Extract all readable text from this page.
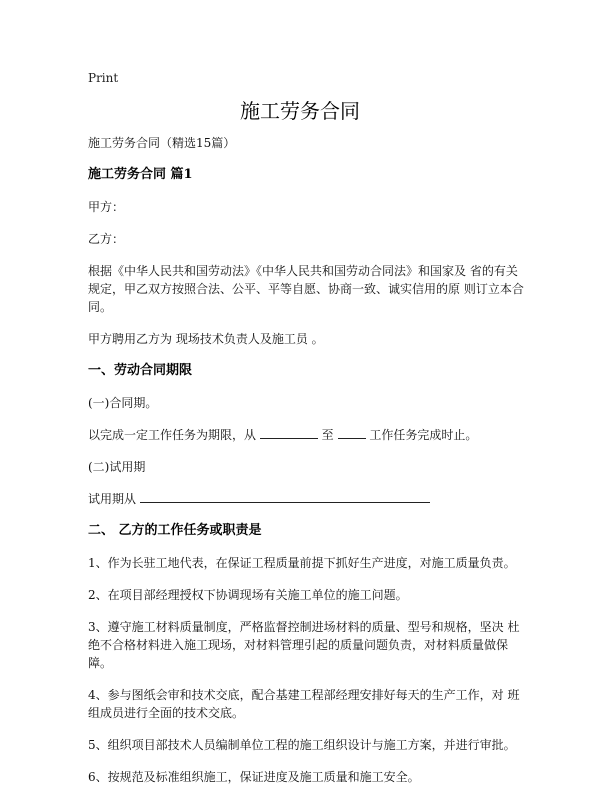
Print
施工劳务合同

施工劳务合同（精选15篇）

施工劳务合同 篇1

甲方：

乙方：

根据《中华人民共和国劳动法》《中华人民共和国劳动合同法》和国家及 省的有关规定，甲乙双方按照合法、公平、平等自愿、协商一致、诚实信用的原 则订立本合同。

甲方聘用乙方为 现场技术负责人及施工员 。

一、劳动合同期限

(一)合同期。

以完成一定工作任务为期限，从	至	工作任务完成时止。

(二)试用期

试用期从

二、 乙方的工作任务或职责是

1、作为长驻工地代表，在保证工程质量前提下抓好生产进度，对施工质量负责。

2、在项目部经理授权下协调现场有关施工单位的施工问题。

3、遵守施工材料质量制度，严格监督控制进场材料的质量、型号和规格，坚决 杜绝不合格材料进入施工现场，对材料管理引起的质量问题负责，对材料质量做保障。

4、参与图纸会审和技术交底，配合基建工程部经理安排好每天的生产工作，对 班组成员进行全面的技术交底。

5、组织项目部技术人员编制单位工程的施工组织设计与施工方案，并进行审批。

6、按规范及标准组织施工，保证进度及施工质量和施工安全。
